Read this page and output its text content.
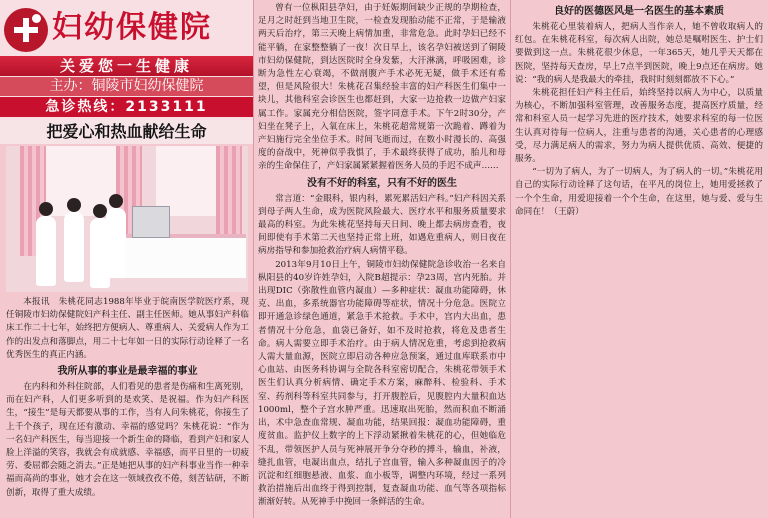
妇幼保健院
关爱您一生健康
主办：铜陵市妇幼保健院
急诊热线：2133111
把爱心和热血献给生命

本报讯　朱桃花同志1988年毕业于皖南医学院医疗系，现任铜陵市妇幼保健院妇产科主任、副主任医师。她从事妇产科临床工作二十七年，始终把方便病人、尊重病人、关爱病人作为工作的出发点和落脚点，用二十七年如一日的实际行动诠释了一名优秀医生的真正内涵。

我所从事的事业是最幸福的事业

在内科和外科住院部，人们看见的患者是伤痛和生离死别，而在妇产科，人们更多听到的是欢笑、是祝福。作为妇产科医生，“接生”是每天都要从事的工作，当有人问朱桃花，你接生了上千个孩子，现在还有激动、幸福的感觉吗？朱桃花说：“作为一名妇产科医生，每当迎接一个新生命的降临，看到产妇和家人脸上洋溢的笑容，我就会有成就感、幸福感，而平日里的一切疲劳、委屈都会随之消去。”正是她把从事的妇产科事业当作一种幸福而高尚的事业，她才会在这一领域孜孜不倦，刻苦钻研，不断创新，取得了重大成绩。

曾有一位枞阳县孕妇，由于妊娠期间缺少正规的孕期检查，足月之时赶到当地卫生院，一检查发现胎动能不正常，于是输液两天后治疗，第三天晚上病情加重，非常危急。此时孕妇已经不能平躺，在家整整躺了一夜！次日早上，该名孕妇被送到了铜陵市妇幼保健院，到达医院时全身发紫，大汗淋漓，呼吸困难，诊断为急性左心衰竭，不做剖腹产手术必死无疑，做手术还有希望，但是风险很大！朱桃花召集经验丰富的妇产科医生们集中一块儿，其他科室会诊医生也都赶到，大家一边抢救一边做产妇家属工作。家属充分相信医院，签字同意手术。下午2时30分，产妇坐在凳子上，入氧在床上，朱桃花超常规第一次跪着、蹲着为产妇施行完全坐位手术。时间飞逝而过，在数小时漫长的、高强度的奋战中，死神似乎我惧了，手术最终获得了成功，胎儿和母亲的生命保住了，产妇家属紧紧握着医务人员的手迟不成声……

没有不好的科室，只有不好的医生

常言道：“金眼科，银内科，累死累活妇产科。”妇产科因关系到母子两人生命，成为医院风险最大、医疗水平和服务质量要求最高的科室。为此朱桃花坚持每天日间、晚上都去病房查看，夜间即使有手术第二天也坚持正常上班，如遇危重病人，则日夜在病房指导和参加抢救治疗病人病情平稳。

2013年9月10日上午，铜陵市妇幼保健院急诊收治一名来自枞阳县的40岁许姓孕妇，入院B超提示：孕23周，宫内死胎。并出现DIC（弥散性血管内凝血）—多种症状：凝血功能障碍，休克、出血，多系统器官功能障碍等症状，情况十分危急。医院立即开通急诊绿色通道，紧急手术抢救。手术中，宫内大出血，患者情况十分危急，血袋已备好，如不及时抢救，将危及患者生命。病人需要立即手术治疗。由于病人情况危重，考虑到抢救病人需大量血源，医院立即启动各种应急预案，通过血库联系市中心血站、由医务科协调与全院各科室密切配合，朱桃花带领手术医生们认真分析病情、确定手术方案，麻醉科、检验科、手术室、药剂科等科室共同参与，打开腹腔后，见腹腔内大量积血达1000ml，整个子宫水肿严重。迅速取出死胎，然而积血不断涌出，术中急查血常规、凝血功能，结果回报：凝血功能障碍，重度贫血。监护仪上数字的上下浮动紧揪着朱桃花的心，但她临危不乱，带领医护人员与死神展开争分夺秒的搏斗，输血，补液，缝扎血管，电凝出血点，结扎子宫血管，输入多种凝血因子的冷沉淀和红细胞悬液、血浆、血小板等，调整内环境，经过一系列救治措施后出血终于得到控制，复查凝血功能、血气等各项指标渐渐好转。从死神手中挽回一条鲜活的生命。

良好的医德医风是一名医生的基本素质

朱桃花心里装着病人，把病人当作亲人，她不曾收取病人的红包。在朱桃花科室，每次病人出院，她总是嘱咐医生、护士们要做到这一点。朱桃花很少休息，一年365天，她几乎天天都在医院，坚持每天查房，早上7点半到医院，晚上9点还在病房。她说：“我的病人是我最大的牵挂，我时时刻刻都放不下心。”

朱桃花担任妇产科主任后，始终坚持以病人为中心，以质量为核心，不断加强科室管理，改善服务态度，提高医疗质量，经常和科室人员一起学习先进的医疗技术，她要求科室的每一位医生认真对待每一位病人，注重与患者的沟通，关心患者的心理感受，尽力满足病人的需求，努力为病人提供优质、高效、便捷的服务。

“一切为了病人，为了一切病人，为了病人的一切。”朱桃花用自己的实际行动诠释了这句话，在平凡的岗位上，她用爱拯救了一个个生命，用爱迎接着一个个生命，在这里，她与爱、爱与生命同在！（王蔚）
